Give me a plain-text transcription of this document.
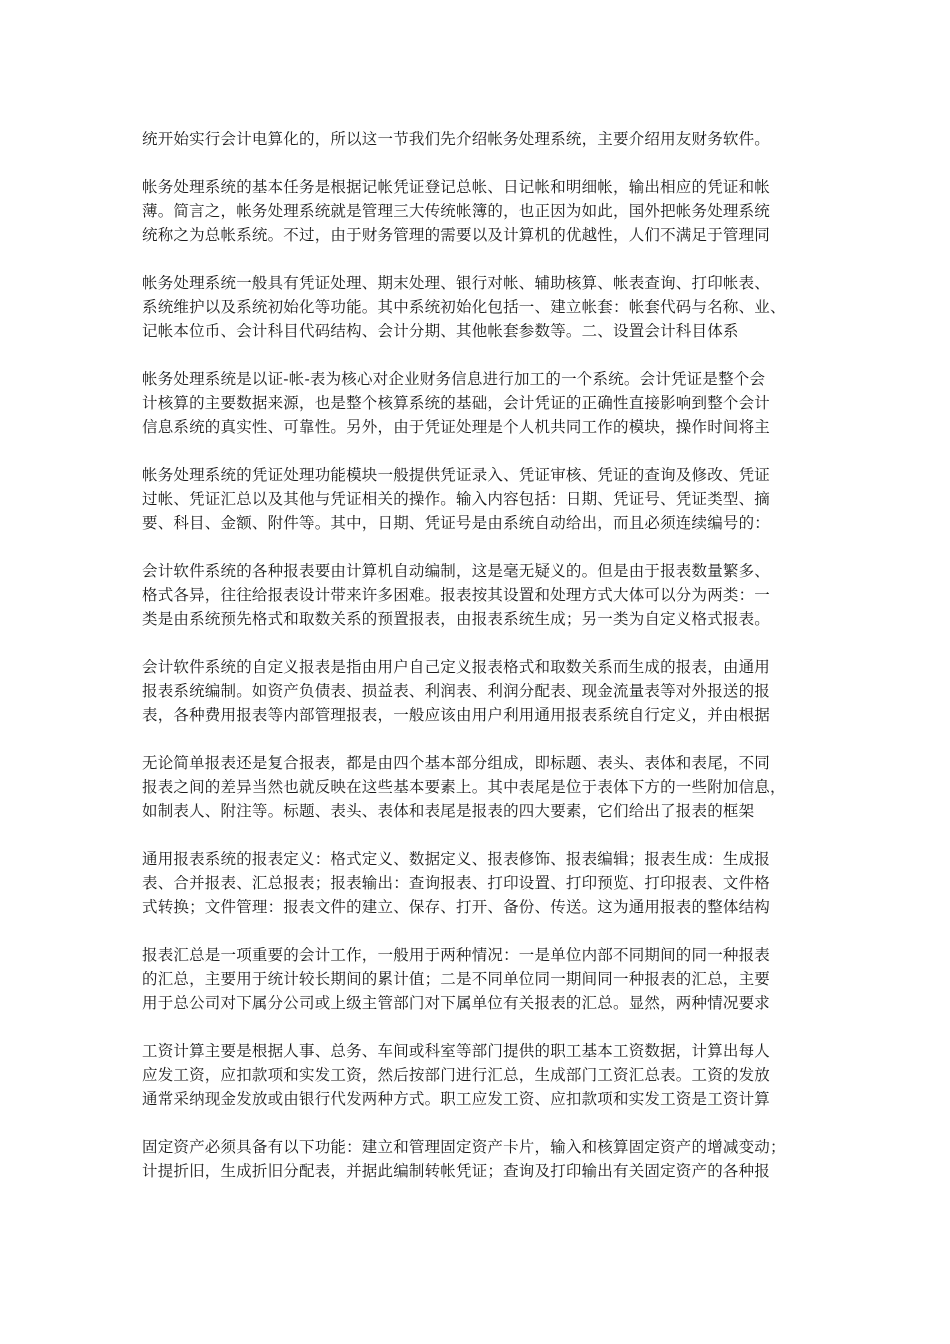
统开始实行会计电算化的，所以这一节我们先介绍帐务处理系统，主要介绍用友财务软件。
帐务处理系统的基本任务是根据记帐凭证登记总帐、日记帐和明细帐，输出相应的凭证和帐
薄。简言之，帐务处理系统就是管理三大传统帐簿的，也正因为如此，国外把帐务处理系统
统称之为总帐系统。不过，由于财务管理的需要以及计算机的优越性，人们不满足于管理同
帐务处理系统一般具有凭证处理、期末处理、银行对帐、辅助核算、帐表查询、打印帐表、
系统维护以及系统初始化等功能。其中系统初始化包括一、建立帐套：帐套代码与名称、业、
记帐本位币、会计科目代码结构、会计分期、其他帐套参数等。二、设置会计科目体系
帐务处理系统是以证-帐-表为核心对企业财务信息进行加工的一个系统。会计凭证是整个会
计核算的主要数据来源，也是整个核算系统的基础，会计凭证的正确性直接影响到整个会计
信息系统的真实性、可靠性。另外，由于凭证处理是个人机共同工作的模块，操作时间将主
帐务处理系统的凭证处理功能模块一般提供凭证录入、凭证审核、凭证的查询及修改、凭证
过帐、凭证汇总以及其他与凭证相关的操作。输入内容包括：日期、凭证号、凭证类型、摘
要、科目、金额、附件等。其中，日期、凭证号是由系统自动给出，而且必须连续编号的：
会计软件系统的各种报表要由计算机自动编制，这是毫无疑义的。但是由于报表数量繁多、
格式各异，往往给报表设计带来许多困难。报表按其设置和处理方式大体可以分为两类：一
类是由系统预先格式和取数关系的预置报表，由报表系统生成；另一类为自定义格式报表。
会计软件系统的自定义报表是指由用户自己定义报表格式和取数关系而生成的报表，由通用
报表系统编制。如资产负债表、损益表、利润表、利润分配表、现金流量表等对外报送的报
表，各种费用报表等内部管理报表，一般应该由用户利用通用报表系统自行定义，并由根据
无论简单报表还是复合报表，都是由四个基本部分组成，即标题、表头、表体和表尾，不同
报表之间的差异当然也就反映在这些基本要素上。其中表尾是位于表体下方的一些附加信息，
如制表人、附注等。标题、表头、表体和表尾是报表的四大要素，它们给出了报表的框架
通用报表系统的报表定义：格式定义、数据定义、报表修饰、报表编辑；报表生成：生成报
表、合并报表、汇总报表；报表输出：查询报表、打印设置、打印预览、打印报表、文件格
式转换；文件管理：报表文件的建立、保存、打开、备份、传送。这为通用报表的整体结构
报表汇总是一项重要的会计工作，一般用于两种情况：一是单位内部不同期间的同一种报表
的汇总，主要用于统计较长期间的累计值；二是不同单位同一期间同一种报表的汇总，主要
用于总公司对下属分公司或上级主管部门对下属单位有关报表的汇总。显然，两种情况要求
工资计算主要是根据人事、总务、车间或科室等部门提供的职工基本工资数据，计算出每人
应发工资，应扣款项和实发工资，然后按部门进行汇总，生成部门工资汇总表。工资的发放
通常采纳现金发放或由银行代发两种方式。职工应发工资、应扣款项和实发工资是工资计算
固定资产必须具备有以下功能：建立和管理固定资产卡片，输入和核算固定资产的增减变动；
计提折旧，生成折旧分配表，并据此编制转帐凭证；查询及打印输出有关固定资产的各种报
